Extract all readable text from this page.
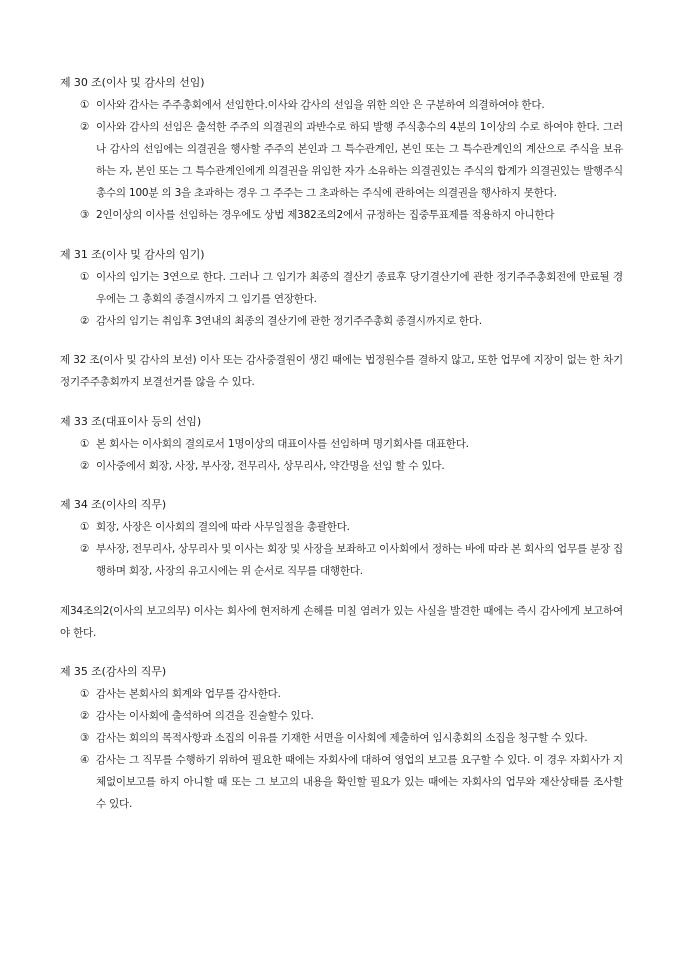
제 30 조(이사 및 감사의 선임)
① 이사와 감사는 주주총회에서 선임한다.이사와 감사의 선임을 위한 의안 은 구분하여 의결하여야 한다.
② 이사와 감사의 선임은 출석한 주주의 의결권의 과반수로 하되 발행 주식총수의 4분의 1이상의 수로 하여야 한다. 그러나 감사의 선임에는 의결권을 행사할 주주의 본인과 그 특수관계인, 본인 또는 그 특수관계인의 계산으로 주식을 보유하는 자, 본인 또는 그 특수관계인에게 의결권을 위임한 자가 소유하는 의결권있는 주식의 합계가 의결권있는 발행주식총수의 100분 의 3을 초과하는 경우 그 주주는 그 초과하는 주식에 관하여는 의결권을 행사하지 못한다.
③ 2인이상의 이사를 선임하는 경우에도 상법 제382조의2에서 규정하는 집중투표제를 적용하지 아니한다
제 31 조(이사 및 감사의 임기)
① 이사의 임기는 3연으로 한다. 그러나 그 임기가 최종의 결산기 종료후 당기결산기에 관한 정기주주총회전에 만료될 경우에는 그 총회의 종결시까지 그 임기를 연장한다.
② 감사의 임기는 취임후 3연내의 최종의 결산기에 관한 정기주주총회 종결시까지로 한다.
제 32 조(이사 및 감사의 보선) 이사 또는 감사중결원이 생긴 때에는 법정원수를 결하지 않고, 또한 업무에 지장이 없는 한 차기 정기주주총회까지 보결선거를 않을 수 있다.
제 33 조(대표이사 등의 선임)
① 본 회사는 이사회의 결의로서 1명이상의 대표이사를 선임하며 명기회사를 대표한다.
② 이사중에서 회장, 사장, 부사장, 전무리사, 상무리사, 약간명을 선임 할 수 있다.
제 34 조(이사의 직무)
① 회장, 사장은 이사회의 결의에 따라 사무일절을 총괄한다.
② 부사장, 전무리사, 상무리사 및 이사는 회장 및 사장을 보좌하고 이사회에서 정하는 바에 따라 본 회사의 업무를 분장 집행하며 회장, 사장의 유고시에는 위 순서로 직무를 대행한다.
제34조의2(이사의 보고의무) 이사는 회사에 현저하게 손해를 미칠 염려가 있는 사실을 발견한 때에는 즉시 감사에게 보고하여야 한다.
제 35 조(감사의 직무)
① 감사는 본회사의 회계와 업무를 감사한다.
② 감사는 이사회에 출석하여 의견을 진술할수 있다.
③ 감사는 회의의 목적사항과 소집의 이유를 기재한 서면을 이사회에 제출하여 임시총회의 소집을 청구할 수 있다.
④ 감사는 그 직무를 수행하기 위하여 필요한 때에는 자회사에 대하여 영업의 보고를 요구할 수 있다. 이 경우 자회사가 지체없이보고를 하지 아니할 때 또는 그 보고의 내용을 확인할 필요가 있는 때에는 자회사의 업무와 재산상태를 조사할 수 있다.
